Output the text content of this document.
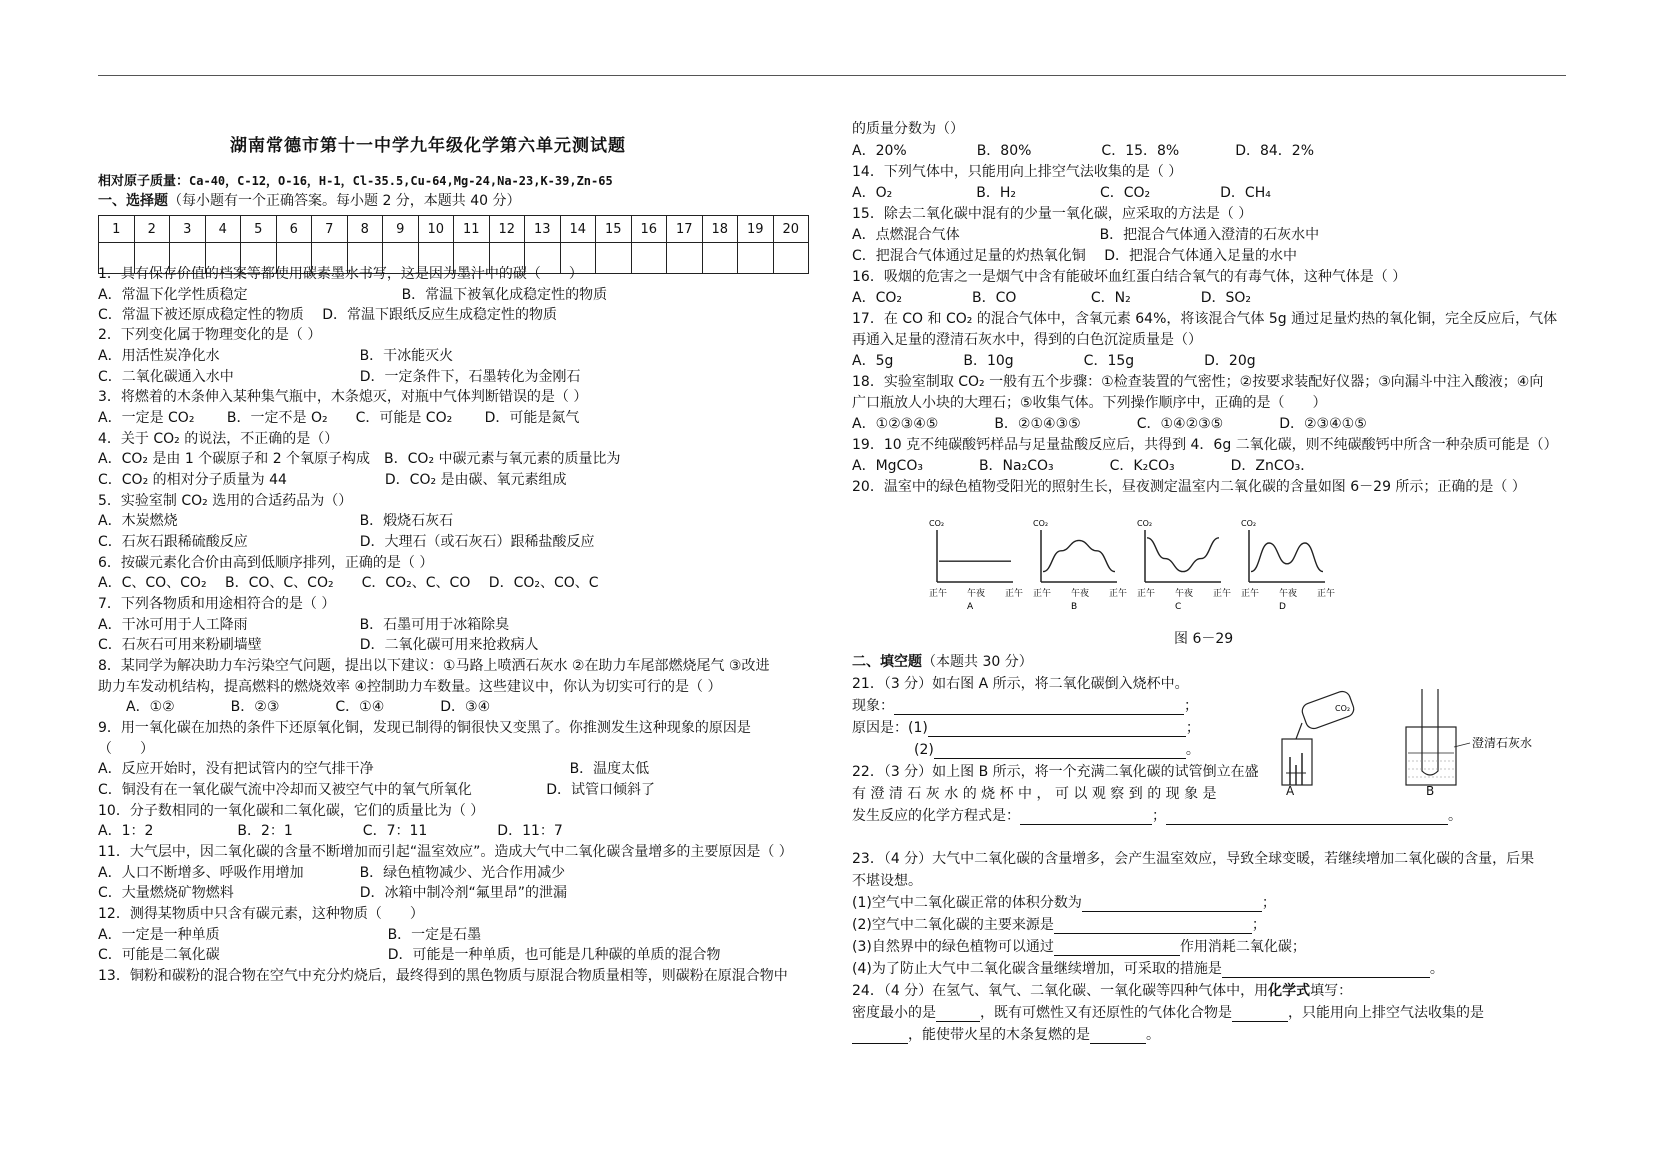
湖南常德市第十一中学九年级化学第六单元测试题
相对原子质量：Ca-40，C-12，O-16，H-1，Cl-35.5,Cu-64,Mg-24,Na-23,K-39,Zn-65
一、选择题（每小题有一个正确答案。每小题 2 分，本题共 40 分）
1	2	3	4	5	6	7	8	9	10	11	12	13	14	15	16	17	18	19	20

1．具有保存价值的档案等都使用碳素墨水书写，这是因为墨汁中的碳（　　）
A．常温下化学性质稳定　　　　　　　　　　　B．常温下被氧化成稳定性的物质
C．常温下被还原成稳定性的物质　 D．常温下跟纸反应生成稳定性的物质
2．下列变化属于物理变化的是（ ）
A．用活性炭净化水　　　　　　　　　　B．干冰能灭火
C．二氧化碳通入水中　　　　　　　　　D．一定条件下，石墨转化为金刚石
3．将燃着的木条伸入某种集气瓶中，木条熄灭，对瓶中气体判断错误的是（ ）
A．一定是 CO₂　　 B．一定不是 O₂　　C．可能是 CO₂　　 D．可能是氮气
4．关于 CO₂ 的说法，不正确的是（）
A．CO₂ 是由 1 个碳原子和 2 个氧原子构成　B．CO₂ 中碳元素与氧元素的质量比为
C．CO₂ 的相对分子质量为 44　　　　　　　D．CO₂ 是由碳、氧元素组成
5．实验室制 CO₂ 选用的合适药品为（）
A．木炭燃烧　　　　　　　　　　　　　B．煅烧石灰石
C．石灰石跟稀硫酸反应　　　　　　　　D．大理石（或石灰石）跟稀盐酸反应
6．按碳元素化合价由高到低顺序排列，正确的是（ ）
A．C、CO、CO₂　 B．CO、C、CO₂　　C．CO₂、C、CO　 D．CO₂、CO、C
7．下列各物质和用途相符合的是（ ）
A．干冰可用于人工降雨　　　　　　　　B．石墨可用于冰箱除臭
C．石灰石可用来粉刷墙壁　　　　　　　D．二氧化碳可用来抢救病人
8．某同学为解决助力车污染空气问题，提出以下建议：①马路上喷洒石灰水 ②在助力车尾部燃烧尾气 ③改进
助力车发动机结构，提高燃料的燃烧效率 ④控制助力车数量。这些建议中，你认为切实可行的是（ ）
　　A．①②　　　　B．②③　　　　C．①④　　　　D．③④
9．用一氧化碳在加热的条件下还原氧化铜，发现已制得的铜很快又变黑了。你推测发生这种现象的原因是
（　　）
A．反应开始时，没有把试管内的空气排干净　　　　　　　　　　　　　　B．温度太低
C．铜没有在一氧化碳气流中冷却而又被空气中的氧气所氧化　　　　　 D．试管口倾斜了
10．分子数相同的一氧化碳和二氧化碳，它们的质量比为（ ）
A．1：2　　　　　　B．2：1　　　　　C．7：11　　　　　D．11：7
11．大气层中，因二氧化碳的含量不断增加而引起“温室效应”。造成大气中二氧化碳含量增多的主要原因是（ ）
A．人口不断增多、呼吸作用增加　　　　B．绿色植物减少、光合作用减少
C．大量燃烧矿物燃料　　　　　　　　　D．冰箱中制冷剂“氟里昂”的泄漏
12．测得某物质中只含有碳元素，这种物质（　　）
A．一定是一种单质　　　　　　　　　　　　B．一定是石墨
C．可能是二氧化碳　　　　　　　　　　　　D．可能是一种单质，也可能是几种碳的单质的混合物
13．铜粉和碳粉的混合物在空气中充分灼烧后，最终得到的黑色物质与原混合物质量相等，则碳粉在原混合物中
的质量分数为（）
A．20%　　　　　B．80%　　　　　C．15．8%　　　　D．84．2%
14．下列气体中，只能用向上排空气法收集的是（ ）
A．O₂　　　　　　B．H₂　　　　　　C．CO₂　　　　　D．CH₄
15．除去二氧化碳中混有的少量一氧化碳，应采取的方法是（ ）
A．点燃混合气体　　　　　　　　　　B．把混合气体通入澄清的石灰水中
C．把混合气体通过足量的灼热氧化铜　 D．把混合气体通入足量的水中
16．吸烟的危害之一是烟气中含有能破坏血红蛋白结合氧气的有毒气体，这种气体是（ ）
A．CO₂　　　　　B．CO　　　　　 C．N₂　　　　　D．SO₂
17．在 CO 和 CO₂ 的混合气体中，含氧元素 64%，将该混合气体 5g 通过足量灼热的氧化铜，完全反应后，气体
再通入足量的澄清石灰水中，得到的白色沉淀质量是（）
A．5g　　　　　B．10g　　　　　C．15g　　　　　D．20g
18．实验室制取 CO₂ 一般有五个步骤：①检查装置的气密性；②按要求装配好仪器；③向漏斗中注入酸液；④向
广口瓶放人小块的大理石；⑤收集气体。下列操作顺序中，正确的是（　　）
A．①②③④⑤　　　　B．②①④③⑤　　　　C．①④②③⑤　　　　D．②③④①⑤
19．10 克不纯碳酸钙样品与足量盐酸反应后，共得到 4．6g 二氧化碳，则不纯碳酸钙中所含一种杂质可能是（）
A．MgCO₃　　　　B．Na₂CO₃　　　　C．K₂CO₃　　　　D．ZnCO₃．
20．温室中的绿色植物受阳光的照射生长，昼夜测定温室内二氧化碳的含量如图 6－29 所示；正确的是（ ）
CO₂
正午 午夜 正午
A
CO₂
正午 午夜 正午
B
CO₂
正午 午夜 正午
C
CO₂
正午 午夜 正午
D
图 6－29
二、填空题（本题共 30 分）
21．（3 分）如右图 A 所示，将二氧化碳倒入烧杯中。
现象：	；
原因是：(1)	；
(2)	。
22．（3 分）如上图 B 所示，将一个充满二氧化碳的试管倒立在盛
有 澄 清 石 灰 水 的 烧 杯 中 ， 可 以 观 察 到 的 现 象 是
发生反应的化学方程式是：	；	。
CO₂
澄清石灰水
A	B
23．（4 分）大气中二氧化碳的含量增多，会产生温室效应，导致全球变暖，若继续增加二氧化碳的含量，后果
不堪设想。
(1)空气中二氧化碳正常的体积分数为	；
(2)空气中二氧化碳的主要来源是	；
(3)自然界中的绿色植物可以通过	作用消耗二氧化碳；
(4)为了防止大气中二氧化碳含量继续增加，可采取的措施是	。
24．（4 分）在氢气、氧气、二氧化碳、一氧化碳等四种气体中，用化学式填写：
密度最小的是	，既有可燃性又有还原性的气体化合物是	，只能用向上排空气法收集的是
，能使带火星的木条复燃的是	。
